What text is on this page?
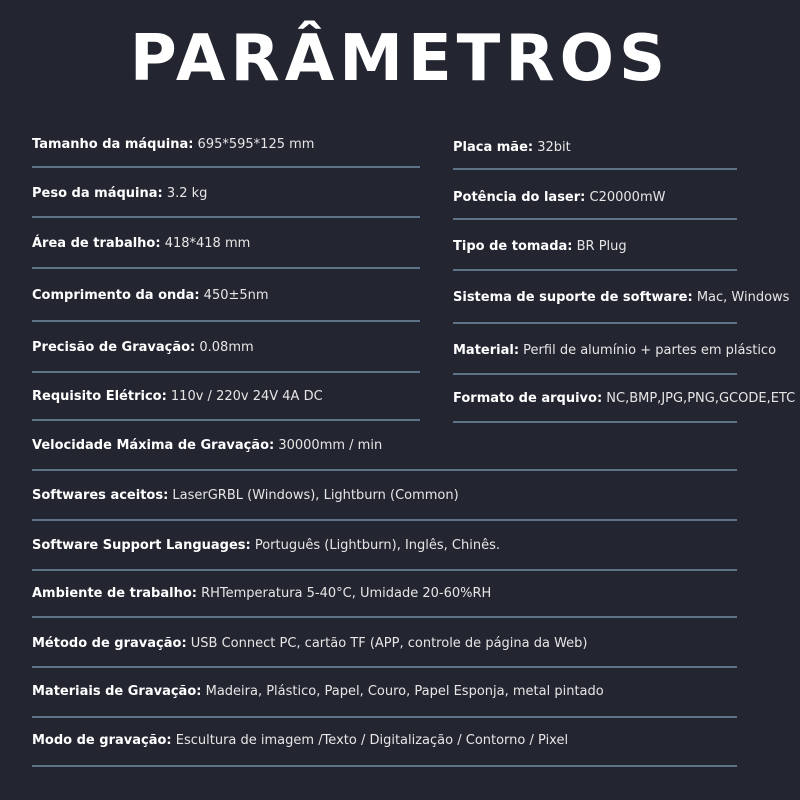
PARÂMETROS
Tamanho da máquina: 695*595*125 mm
Peso da máquina: 3.2 kg
Área de trabalho: 418*418 mm
Comprimento da onda: 450±5nm
Precisão de Gravação: 0.08mm
Requisito Elétrico: 110v / 220v 24V 4A DC
Placa mãe: 32bit
Potência do laser: C20000mW
Tipo de tomada: BR Plug
Sistema de suporte de software: Mac, Windows
Material: Perfil de alumínio + partes em plástico
Formato de arquivo: NC,BMP,JPG,PNG,GCODE,ETC
Velocidade Máxima de Gravação: 30000mm / min
Softwares aceitos: LaserGRBL (Windows), Lightburn (Common)
Software Support Languages: Português (Lightburn), Inglês, Chinês.
Ambiente de trabalho: RHTemperatura 5-40°C, Umidade 20-60%RH
Método de gravação: USB Connect PC, cartão TF (APP, controle de página da Web)
Materiais de Gravação: Madeira, Plástico, Papel, Couro, Papel Esponja, metal pintado
Modo de gravação: Escultura de imagem /Texto / Digitalização / Contorno / Pixel
